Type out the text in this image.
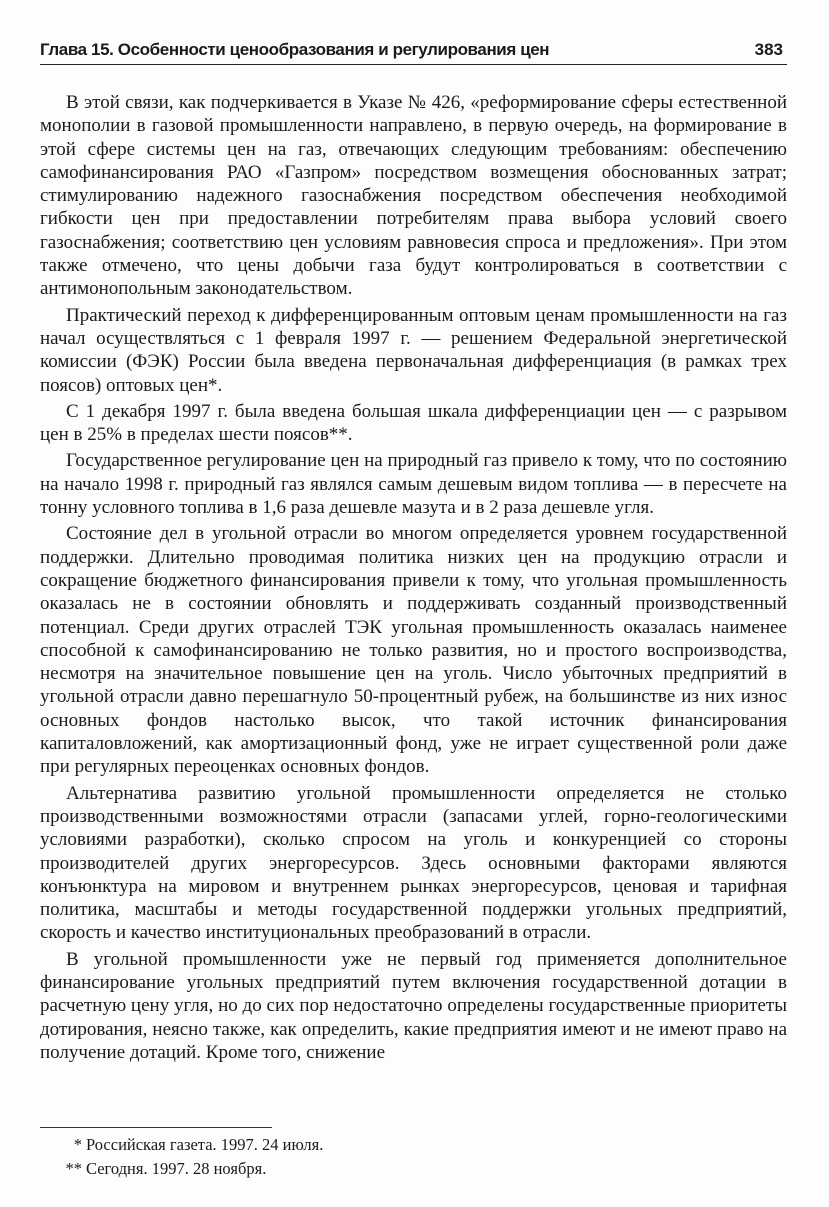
Глава 15. Особенности ценообразования и регулирования цен	383

В этой связи, как подчеркивается в Указе № 426, «реформирование сферы естественной монополии в газовой промышленности направлено, в первую очередь, на формирование в этой сфере системы цен на газ, отвечающих следующим требованиям: обеспечению самофинансирования РАО «Газпром» посредством возмещения обоснованных затрат; стимулированию надежного газоснабжения посредством обеспечения необходимой гибкости цен при предоставлении потребителям права выбора условий своего газоснабжения; соответствию цен условиям равновесия спроса и предложения». При этом также отмечено, что цены добычи газа будут контролироваться в соответствии с антимонопольным законодательством.

Практический переход к дифференцированным оптовым ценам промышленности на газ начал осуществляться с 1 февраля 1997 г. — решением Федеральной энергетической комиссии (ФЭК) России была введена первоначальная дифференциация (в рамках трех поясов) оптовых цен*.

С 1 декабря 1997 г. была введена большая шкала дифференциации цен — с разрывом цен в 25% в пределах шести поясов**.

Государственное регулирование цен на природный газ привело к тому, что по состоянию на начало 1998 г. природный газ являлся самым дешевым видом топлива — в пересчете на тонну условного топлива в 1,6 раза дешевле мазута и в 2 раза дешевле угля.

Состояние дел в угольной отрасли во многом определяется уровнем государственной поддержки. Длительно проводимая политика низких цен на продукцию отрасли и сокращение бюджетного финансирования привели к тому, что угольная промышленность оказалась не в состоянии обновлять и поддерживать созданный производственный потенциал. Среди других отраслей ТЭК угольная промышленность оказалась наименее способной к самофинансированию не только развития, но и простого воспроизводства, несмотря на значительное повышение цен на уголь. Число убыточных предприятий в угольной отрасли давно перешагнуло 50-процентный рубеж, на большинстве из них износ основных фондов настолько высок, что такой источник финансирования капиталовложений, как амортизационный фонд, уже не играет существенной роли даже при регулярных переоценках основных фондов.

Альтернатива развитию угольной промышленности определяется не столько производственными возможностями отрасли (запасами углей, горно-геологическими условиями разработки), сколько спросом на уголь и конкуренцией со стороны производителей других энергоресурсов. Здесь основными факторами являются конъюнктура на мировом и внутреннем рынках энергоресурсов, ценовая и тарифная политика, масштабы и методы государственной поддержки угольных предприятий, скорость и качество институциональных преобразований в отрасли.

В угольной промышленности уже не первый год применяется дополнительное финансирование угольных предприятий путем включения государственной дотации в расчетную цену угля, но до сих пор недостаточно определены государственные приоритеты дотирования, неясно также, как определить, какие предприятия имеют и не имеют право на получение дотаций. Кроме того, снижение

* Российская газета. 1997. 24 июля.

** Сегодня. 1997. 28 ноября.
